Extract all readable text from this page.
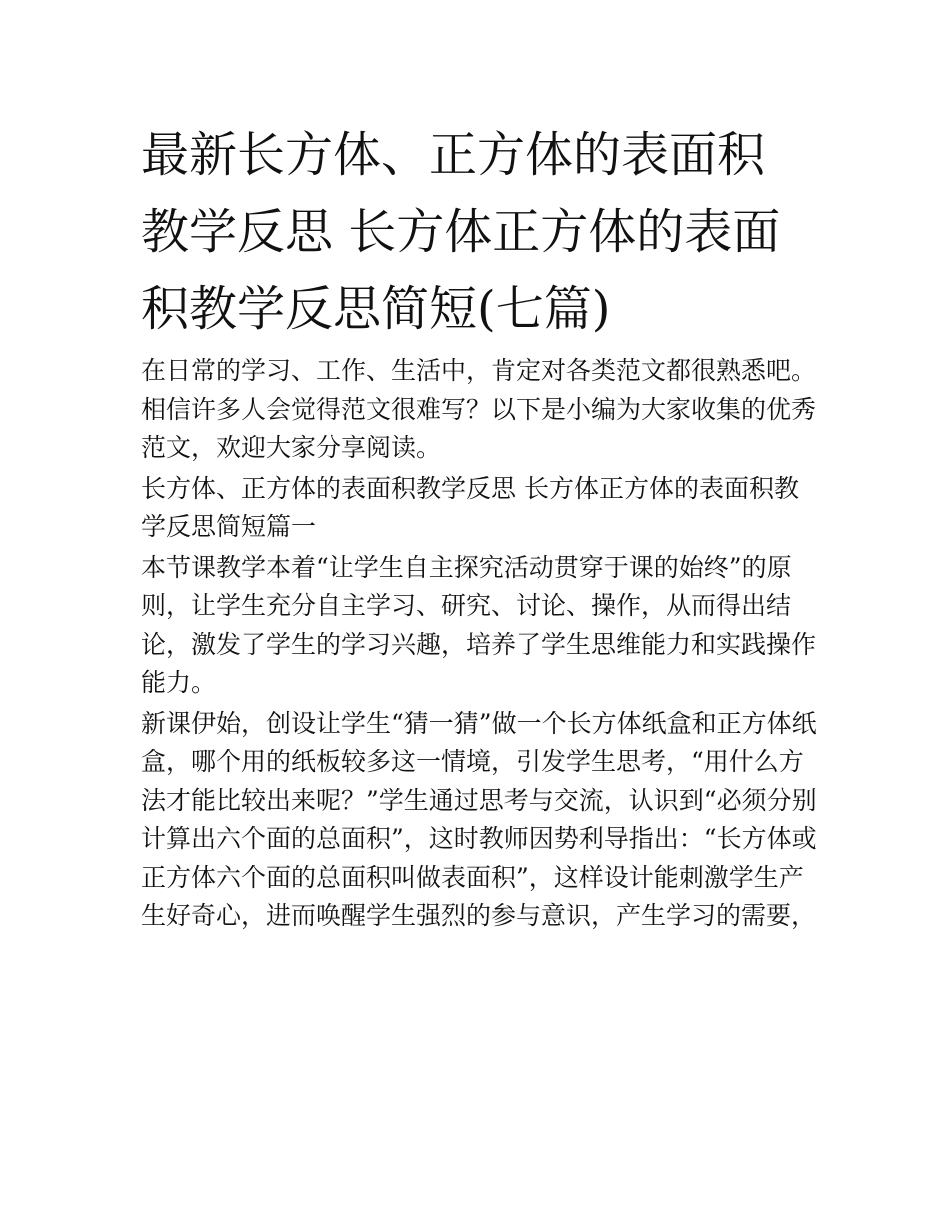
最新长方体、正方体的表面积
教学反思 长方体正方体的表面
积教学反思简短(七篇)

在日常的学习、工作、生活中，肯定对各类范文都很熟悉吧。
相信许多人会觉得范文很难写？以下是小编为大家收集的优秀
范文，欢迎大家分享阅读。

长方体、正方体的表面积教学反思 长方体正方体的表面积教
学反思简短篇一

本节课教学本着“让学生自主探究活动贯穿于课的始终”的原
则，让学生充分自主学习、研究、讨论、操作，从而得出结
论，激发了学生的学习兴趣，培养了学生思维能力和实践操作
能力。

新课伊始，创设让学生“猜一猜”做一个长方体纸盒和正方体纸
盒，哪个用的纸板较多这一情境，引发学生思考，“用什么方
法才能比较出来呢？”学生通过思考与交流，认识到“必须分别
计算出六个面的总面积”，这时教师因势利导指出：“长方体或
正方体六个面的总面积叫做表面积”，这样设计能刺激学生产
生好奇心，进而唤醒学生强烈的参与意识，产生学习的需要，
